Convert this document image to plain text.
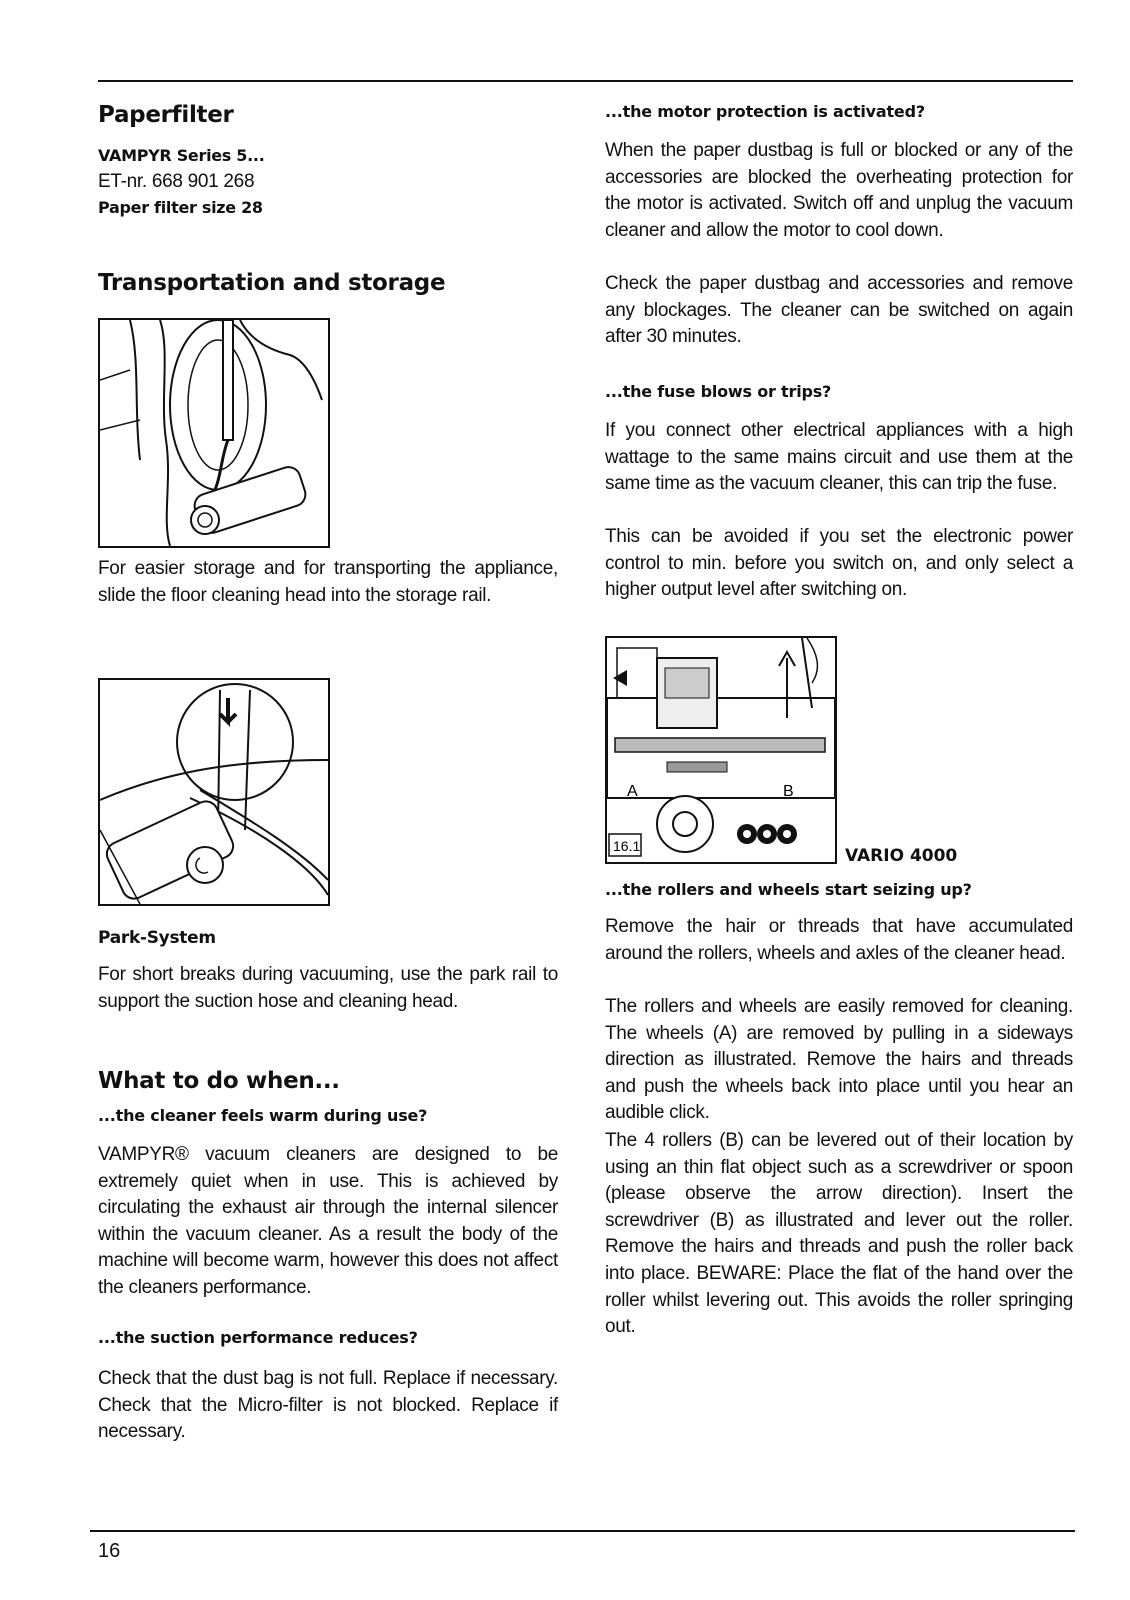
Paperfilter
VAMPYR Series 5...
ET-nr. 668 901 268
Paper filter size 28
Transportation and storage

For easier storage and for transporting the appliance, slide the floor cleaning head into the storage rail.

Park-System

For short breaks during vacuuming, use the park rail to support the suction hose and cleaning head.

What to do when...
...the cleaner feels warm during use?

VAMPYR® vacuum cleaners are designed to be extremely quiet when in use. This is achieved by circulating the exhaust air through the internal silencer within the vacuum cleaner. As a result the body of the machine will become warm, however this does not affect the cleaners performance.

...the suction performance reduces?

Check that the dust bag is not full. Replace if necessary. Check that the Micro-filter is not blocked. Replace if necessary.

...the motor protection is activated?

When the paper dustbag is full or blocked or any of the accessories are blocked the overheating protection for the motor is activated. Switch off and unplug the vacuum cleaner and allow the motor to cool down.

Check the paper dustbag and accessories and remove any blockages. The cleaner can be switched on again after 30 minutes.

...the fuse blows or trips?

If you connect other electrical appliances with a high wattage to the same mains circuit and use them at the same time as the vacuum cleaner, this can trip the fuse.

This can be avoided if you set the electronic power control to min. before you switch on, and only select a higher output level after switching on.

A	B
16.1	VARIO 4000
...the rollers and wheels start seizing up?

Remove the hair or threads that have accumulated around the rollers, wheels and axles of the cleaner head.

The rollers and wheels are easily removed for cleaning. The wheels (A) are removed by pulling in a sideways direction as illustrated. Remove the hairs and threads and push the wheels back into place until you hear an audible click.

The 4 rollers (B) can be levered out of their location by using an thin flat object such as a screwdriver or spoon (please observe the arrow direction). Insert the screwdriver (B) as illustrated and lever out the roller. Remove the hairs and threads and push the roller back into place. BEWARE: Place the flat of the hand over the roller whilst levering out. This avoids the roller springing out.

16
